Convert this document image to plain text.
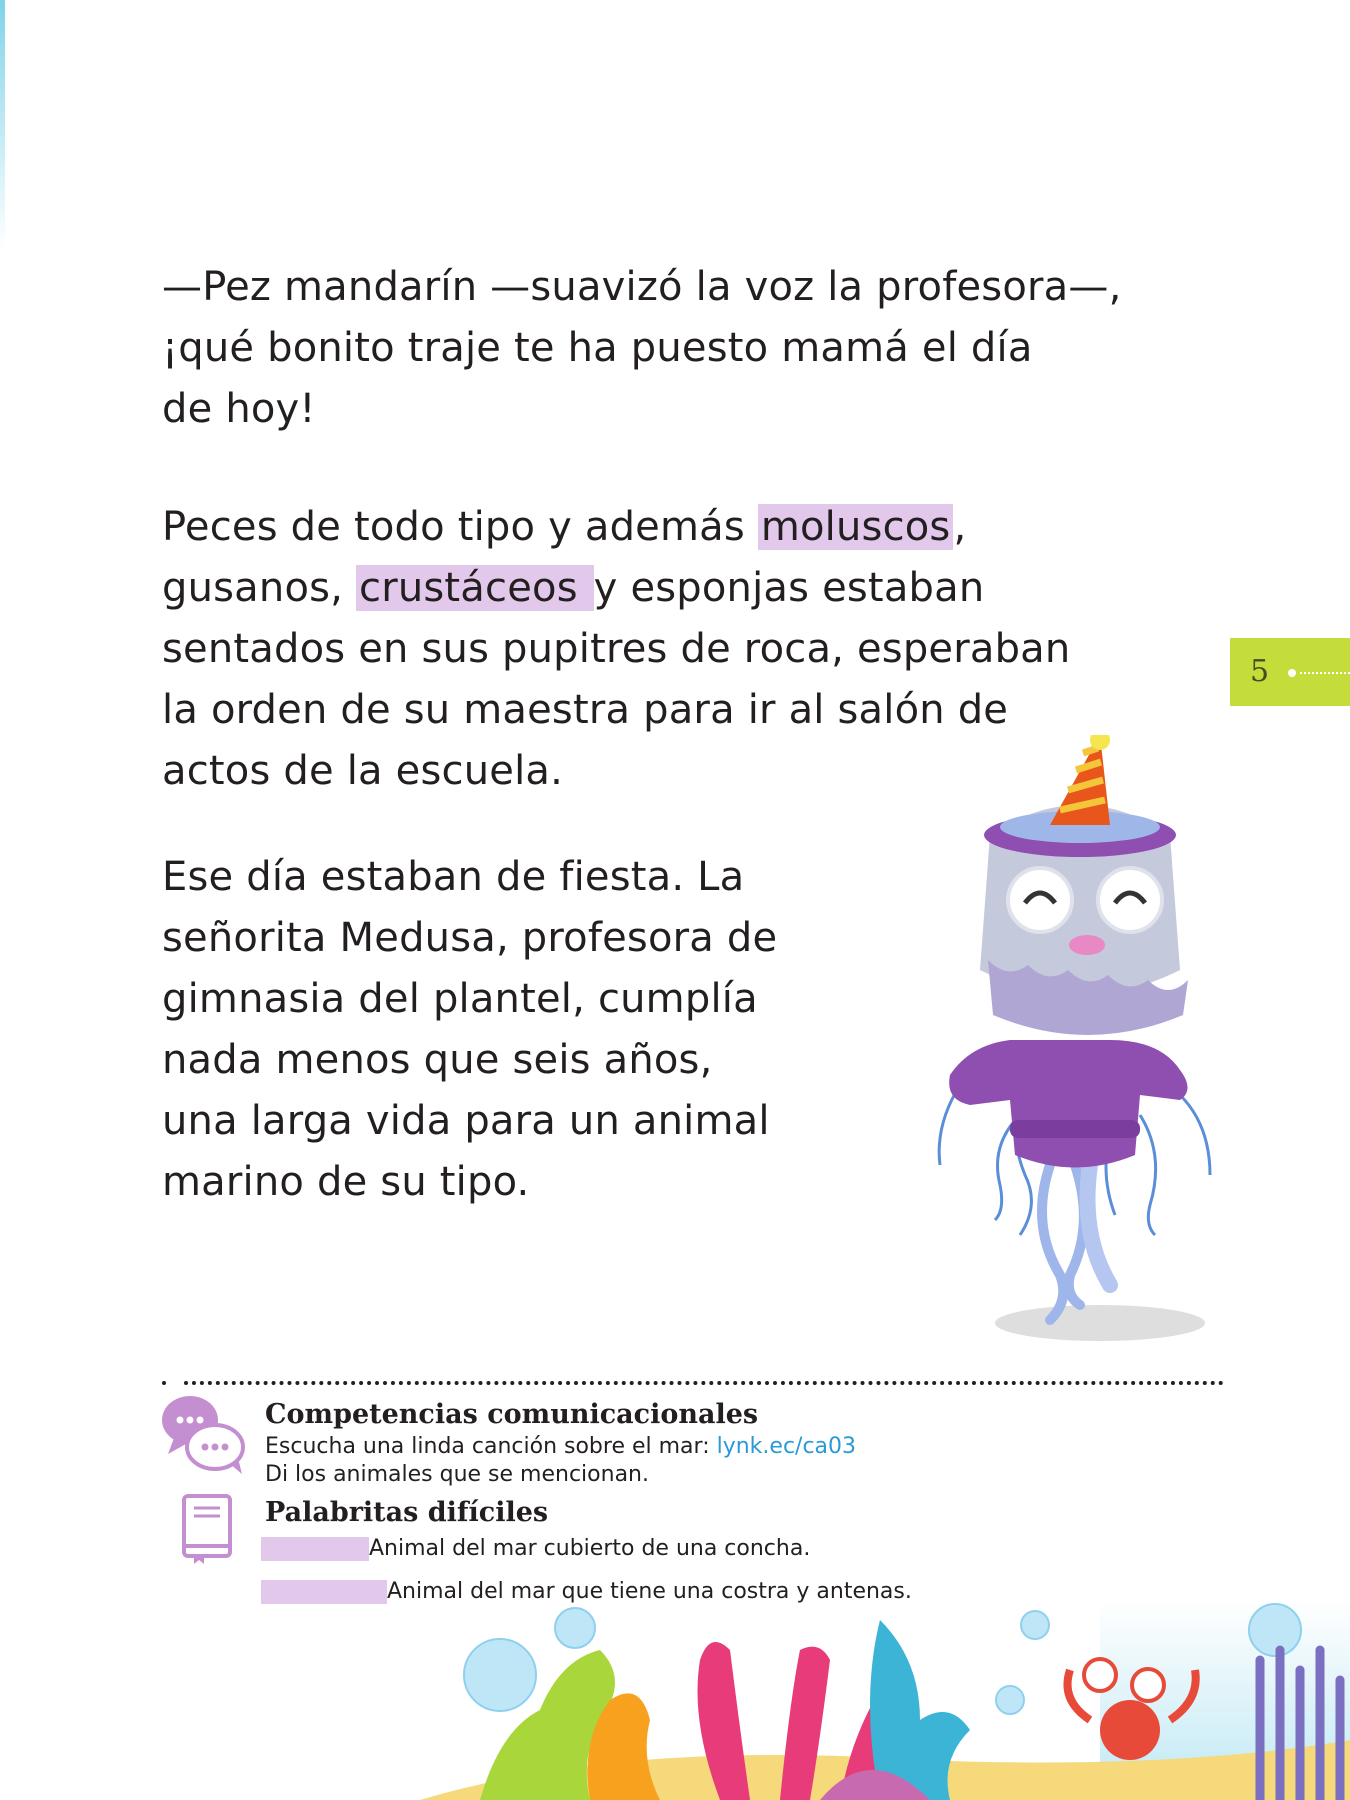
—Pez mandarín —suavizó la voz la profesora—,
¡qué bonito traje te ha puesto mamá el día
de hoy!

Peces de todo tipo y además moluscos,
gusanos, crustáceos y esponjas estaban
sentados en sus pupitres de roca, esperaban
la orden de su maestra para ir al salón de
actos de la escuela.

Ese día estaban de fiesta. La
señorita Medusa, profesora de
gimnasia del plantel, cumplía
nada menos que seis años,
una larga vida para un animal
marino de su tipo.

5

Competencias comunicacionales

Escucha una linda canción sobre el mar: lynk.ec/ca03

Di los animales que se mencionan.

Palabritas difíciles

Animal del mar cubierto de una concha.

Animal del mar que tiene una costra y antenas.
